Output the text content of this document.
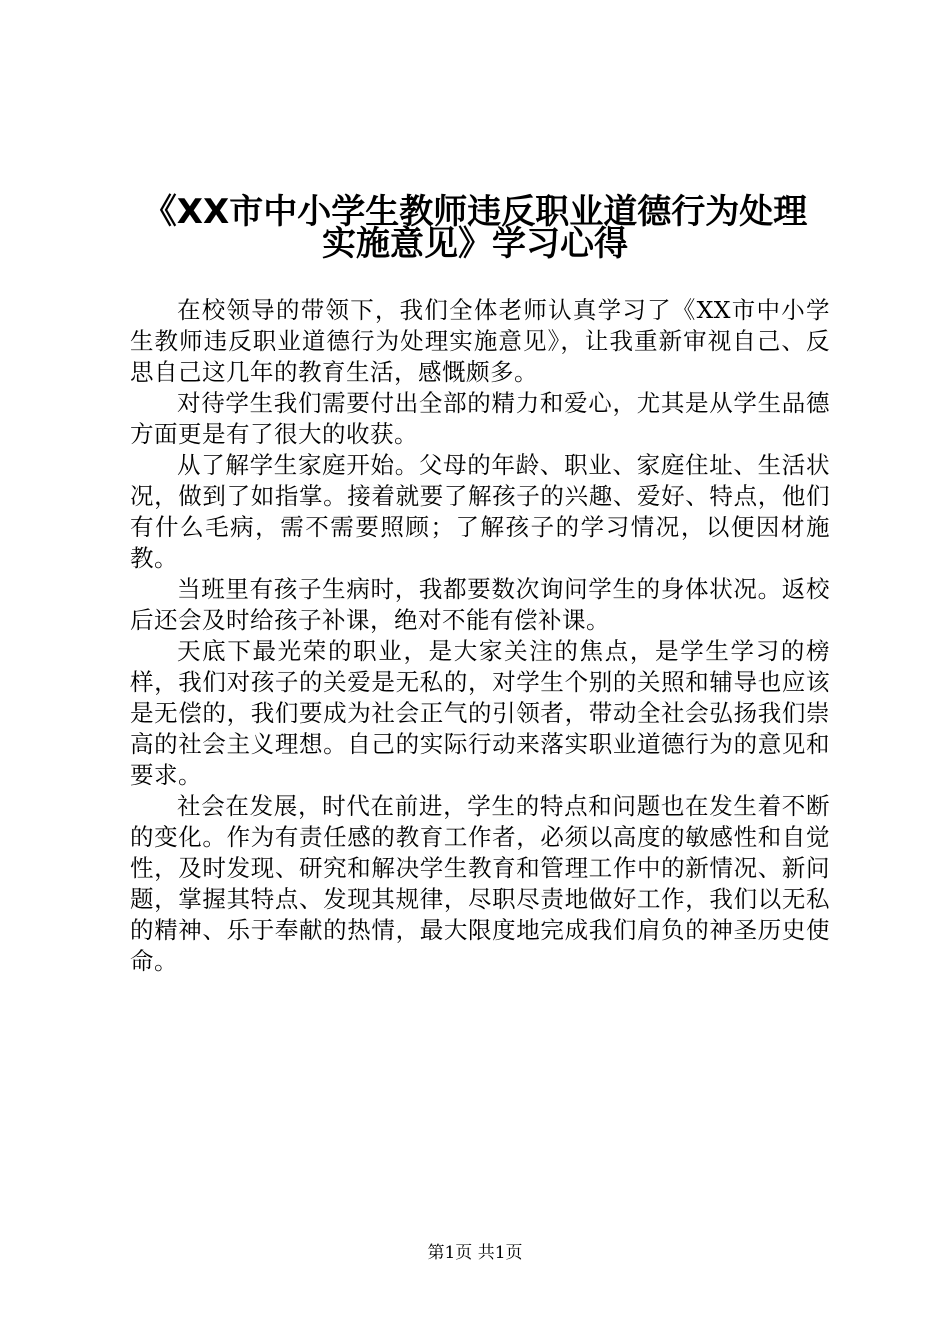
《XX市中小学生教师违反职业道德行为处理
实施意见》学习心得

在校领导的带领下，我们全体老师认真学习了《XX市中小学生教师违反职业道德行为处理实施意见》，让我重新审视自己、反思自己这几年的教育生活，感慨颇多。

对待学生我们需要付出全部的精力和爱心，尤其是从学生品德方面更是有了很大的收获。

从了解学生家庭开始。父母的年龄、职业、家庭住址、生活状况，做到了如指掌。接着就要了解孩子的兴趣、爱好、特点，他们有什么毛病，需不需要照顾；了解孩子的学习情况，以便因材施教。

当班里有孩子生病时，我都要数次询问学生的身体状况。返校后还会及时给孩子补课，绝对不能有偿补课。

天底下最光荣的职业，是大家关注的焦点，是学生学习的榜样，我们对孩子的关爱是无私的，对学生个别的关照和辅导也应该是无偿的，我们要成为社会正气的引领者，带动全社会弘扬我们崇高的社会主义理想。自己的实际行动来落实职业道德行为的意见和要求。

社会在发展，时代在前进，学生的特点和问题也在发生着不断的变化。作为有责任感的教育工作者，必须以高度的敏感性和自觉性，及时发现、研究和解决学生教育和管理工作中的新情况、新问题，掌握其特点、发现其规律，尽职尽责地做好工作，我们以无私的精神、乐于奉献的热情，最大限度地完成我们肩负的神圣历史使命。

第1页 共1页
